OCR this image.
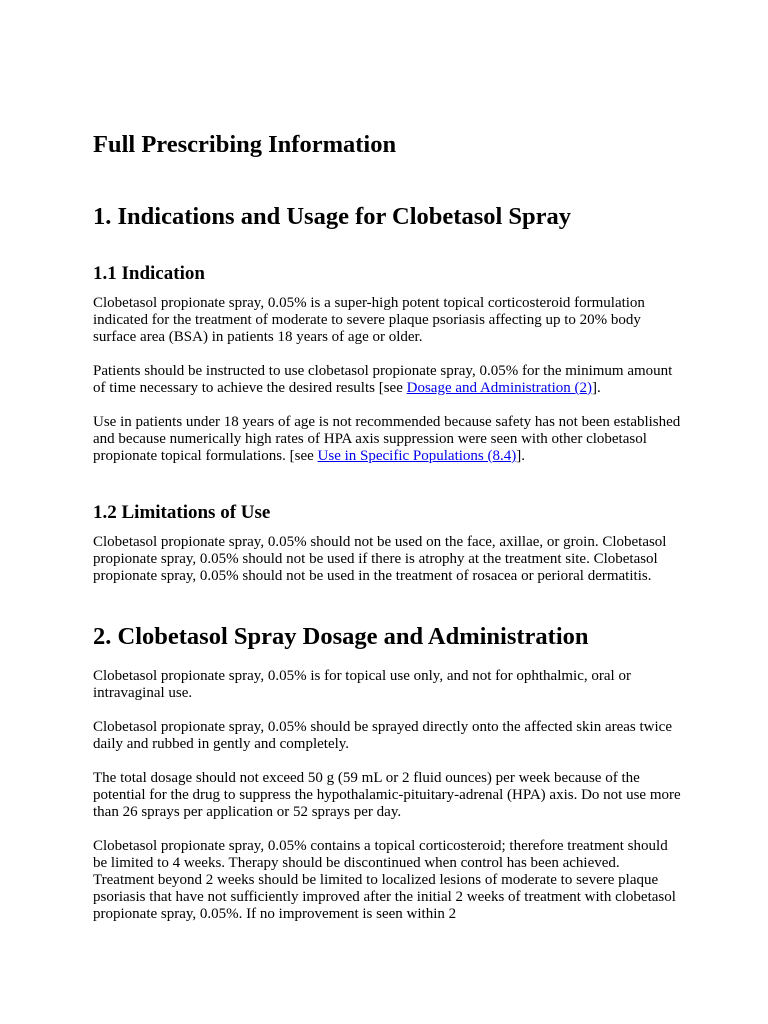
Full Prescribing Information
1. Indications and Usage for Clobetasol Spray
1.1 Indication

Clobetasol propionate spray, 0.05% is a super-high potent topical corticosteroid formulation indicated for the treatment of moderate to severe plaque psoriasis affecting up to 20% body surface area (BSA) in patients 18 years of age or older.

Patients should be instructed to use clobetasol propionate spray, 0.05% for the minimum amount of time necessary to achieve the desired results [see Dosage and Administration (2)].

Use in patients under 18 years of age is not recommended because safety has not been established and because numerically high rates of HPA axis suppression were seen with other clobetasol propionate topical formulations. [see Use in Specific Populations (8.4)].

1.2 Limitations of Use

Clobetasol propionate spray, 0.05% should not be used on the face, axillae, or groin. Clobetasol propionate spray, 0.05% should not be used if there is atrophy at the treatment site. Clobetasol propionate spray, 0.05% should not be used in the treatment of rosacea or perioral dermatitis.

2. Clobetasol Spray Dosage and Administration

Clobetasol propionate spray, 0.05% is for topical use only, and not for ophthalmic, oral or intravaginal use.

Clobetasol propionate spray, 0.05% should be sprayed directly onto the affected skin areas twice daily and rubbed in gently and completely.

The total dosage should not exceed 50 g (59 mL or 2 fluid ounces) per week because of the potential for the drug to suppress the hypothalamic-pituitary-adrenal (HPA) axis. Do not use more than 26 sprays per application or 52 sprays per day.

Clobetasol propionate spray, 0.05% contains a topical corticosteroid; therefore treatment should be limited to 4 weeks. Therapy should be discontinued when control has been achieved. Treatment beyond 2 weeks should be limited to localized lesions of moderate to severe plaque psoriasis that have not sufficiently improved after the initial 2 weeks of treatment with clobetasol propionate spray, 0.05%. If no improvement is seen within 2
